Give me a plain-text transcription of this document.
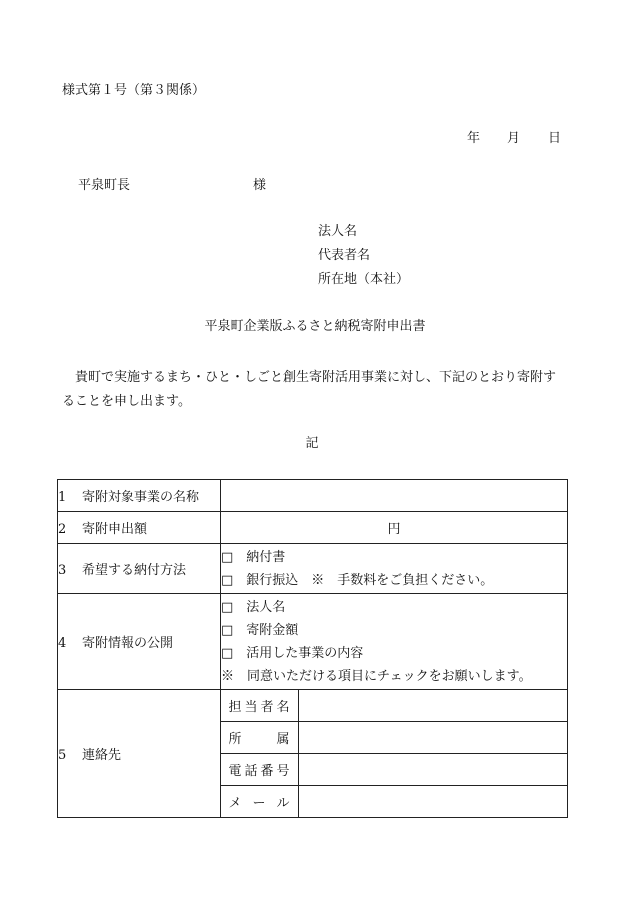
様式第１号（第３関係）
年 月 日
平泉町長	様
法人名
代表者名
所在地（本社）
平泉町企業版ふるさと納税寄附申出書
貴町で実施するまち・ひと・しごと創生寄附活用事業に対し、下記のとおり寄附することを申し出ます。
記
1 寄附対象事業の名称		
2 寄附申出額	円	
3 希望する納付方法	□　納付書
□　銀行振込　※　手数料をご負担ください。	

4 寄附情報の公開	□　法人名
□　寄附金額
□　活用した事業の内容
※　同意いただける項目にチェックをお願いします。	

5 連絡先	担 当 者 名	

	所 属	

	電 話 番 号	

	メ ー ル	
